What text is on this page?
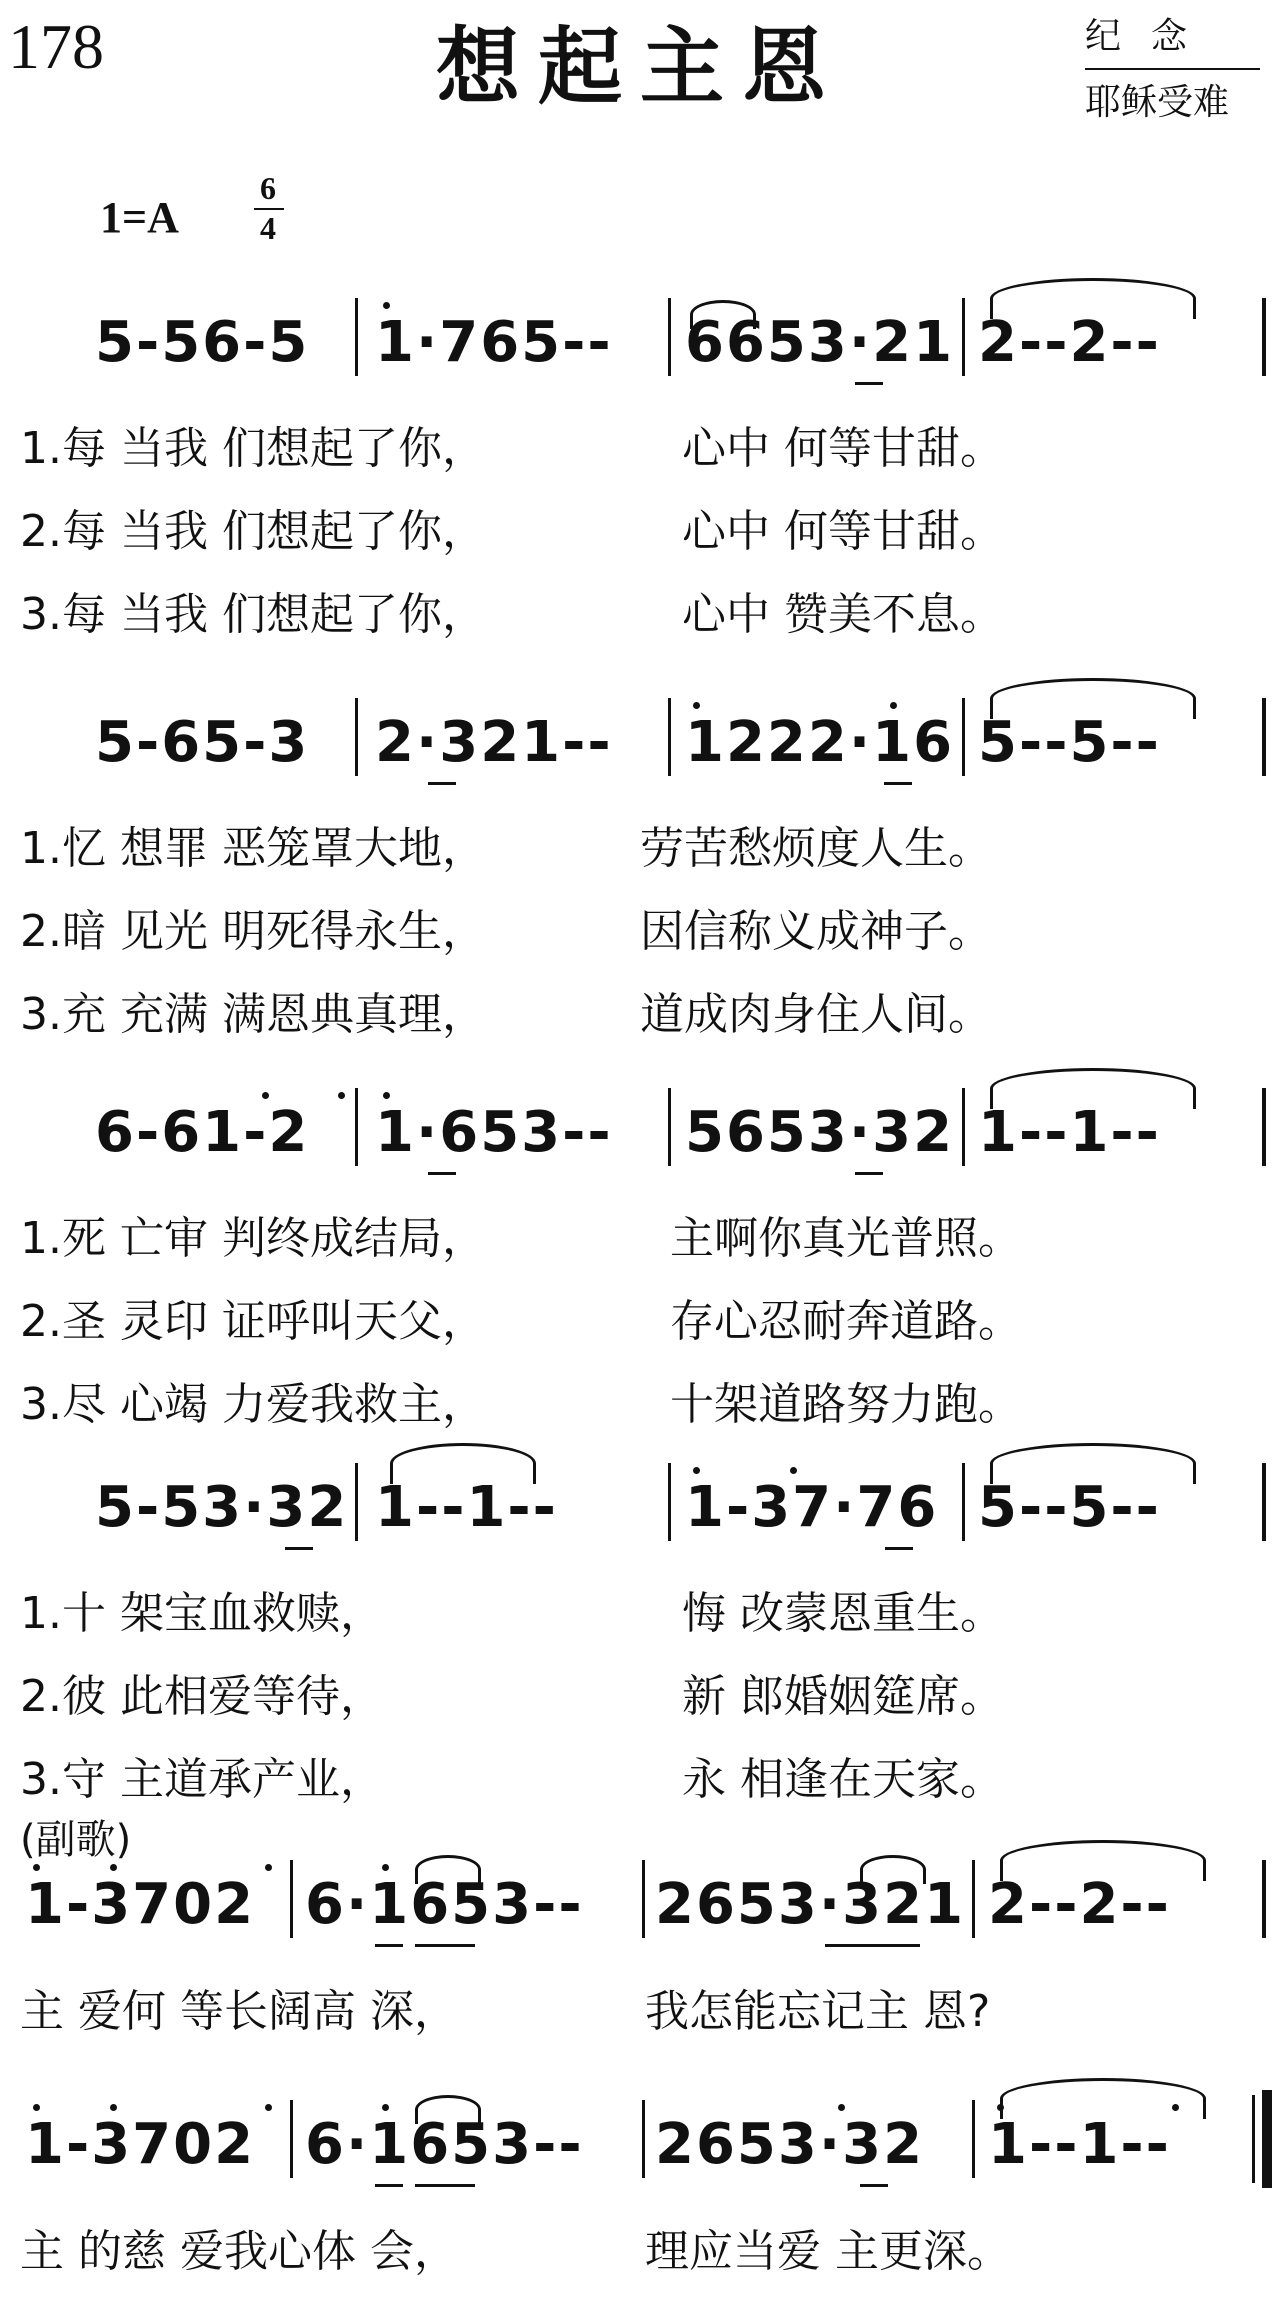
178	想起主恩	纪念
耶稣受难
1=A
6
4
5-56-5 1·765-- 6653·21 2--2--
1.每 当我 们想起了你，	心中 何等甘甜。
2.每 当我 们想起了你，	心中 何等甘甜。
3.每 当我 们想起了你，	心中 赞美不息。
5-65-3 2·321-- 1222·16 5--5--
1.忆 想罪 恶笼罩大地，	劳苦愁烦度人生。
2.暗 见光 明死得永生，	因信称义成神子。
3.充 充满 满恩典真理，	道成肉身住人间。
6-61-2 1·653-- 5653·32 1--1--
1.死 亡审 判终成结局，	主啊你真光普照。
2.圣 灵印 证呼叫天父，	存心忍耐奔道路。
3.尽 心竭 力爱我救主，	十架道路努力跑。
5-53·32 1--1-- 1-37·76 5--5--
1.十 架宝血救赎，	悔 改蒙恩重生。
2.彼 此相爱等待，	新 郎婚姻筵席。
3.守 主道承产业，	永 相逢在天家。
(副歌)
1-3702 6·1653-- 2653·321 2--2--
主 爱何 等长阔高 深，	我怎能忘记主 恩?
1-3702 6·1653-- 2653·32 1--1--
主 的慈 爱我心体 会，	理应当爱 主更深。
